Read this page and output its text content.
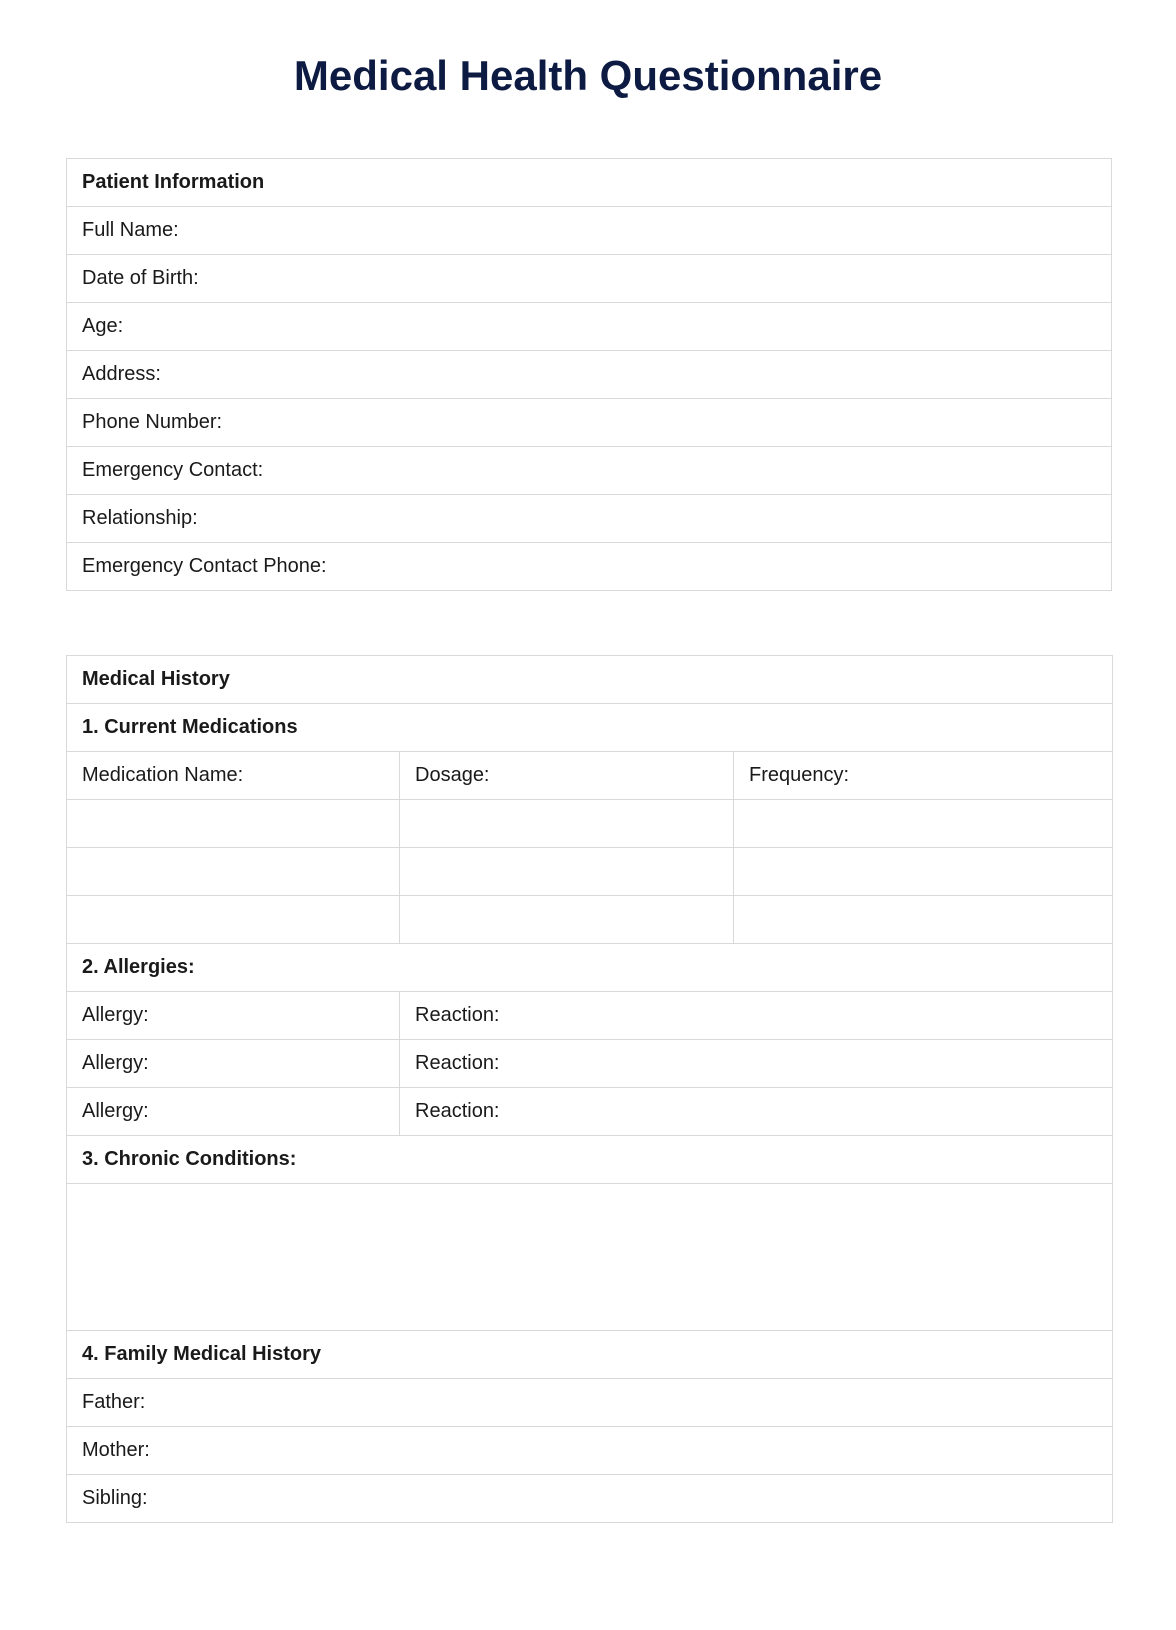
Medical Health Questionnaire
Patient Information
Full Name:
Date of Birth:
Age:
Address:
Phone Number:
Emergency Contact:
Relationship:
Emergency Contact Phone:
Medical History		
1. Current Medications		
Medication Name:	Dosage:	Frequency:

2. Allergies:		
Allergy:	Reaction:	
Allergy:	Reaction:	
Allergy:	Reaction:	
3. Chronic Conditions:		

4. Family Medical History		
Father:		
Mother:		
Sibling:		
